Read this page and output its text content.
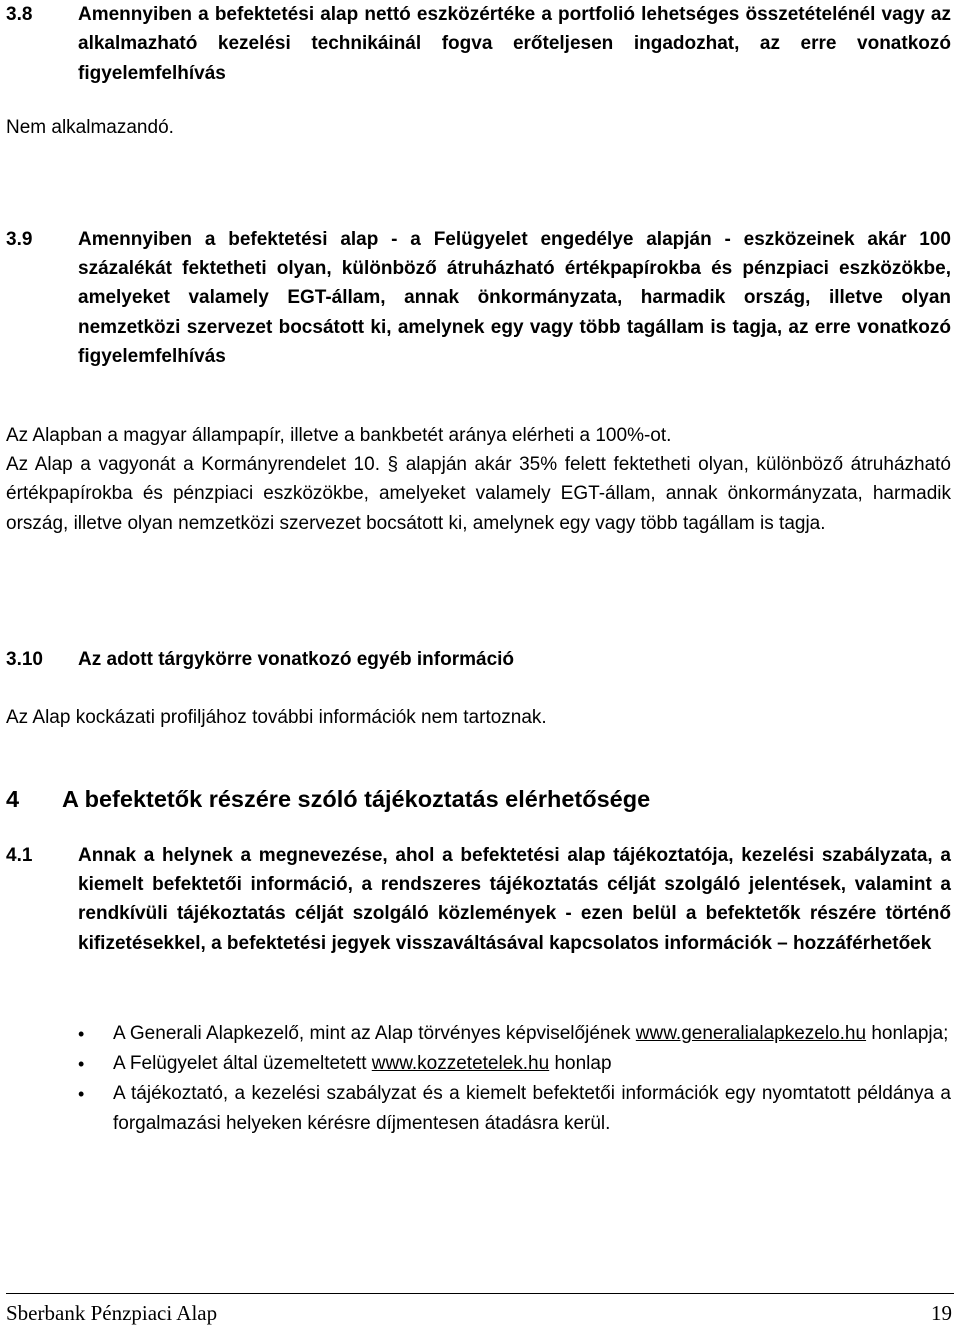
3.8 Amennyiben a befektetési alap nettó eszközértéke a portfolió lehetséges összetételénél vagy az alkalmazható kezelési technikáinál fogva erőteljesen ingadozhat, az erre vonatkozó figyelemfelhívás
Nem alkalmazandó.
3.9 Amennyiben a befektetési alap - a Felügyelet engedélye alapján - eszközeinek akár 100 százalékát fektetheti olyan, különböző átruházható értékpapírokba és pénzpiaci eszközökbe, amelyeket valamely EGT-állam, annak önkormányzata, harmadik ország, illetve olyan nemzetközi szervezet bocsátott ki, amelynek egy vagy több tagállam is tagja, az erre vonatkozó figyelemfelhívás

Az Alapban a magyar állampapír, illetve a bankbetét aránya elérheti a 100%-ot.

Az Alap a vagyonát a Kormányrendelet 10. § alapján akár 35% felett fektetheti olyan, különböző átruházható értékpapírokba és pénzpiaci eszközökbe, amelyeket valamely EGT-állam, annak önkormányzata, harmadik ország, illetve olyan nemzetközi szervezet bocsátott ki, amelynek egy vagy több tagállam is tagja.

3.10 Az adott tárgykörre vonatkozó egyéb információ
Az Alap kockázati profiljához további információk nem tartoznak.
4 A befektetők részére szóló tájékoztatás elérhetősége
4.1 Annak a helynek a megnevezése, ahol a befektetési alap tájékoztatója, kezelési szabályzata, a kiemelt befektetői információ, a rendszeres tájékoztatás célját szolgáló jelentések, valamint a rendkívüli tájékoztatás célját szolgáló közlemények - ezen belül a befektetők részére történő kifizetésekkel, a befektetési jegyek visszaváltásával kapcsolatos információk – hozzáférhetőek
• A Generali Alapkezelő, mint az Alap törvényes képviselőjének www.generalialapkezelo.hu honlapja;
• A Felügyelet által üzemeltetett www.kozzetetelek.hu honlap
• A tájékoztató, a kezelési szabályzat és a kiemelt befektetői információk egy nyomtatott példánya a forgalmazási helyeken kérésre díjmentesen átadásra kerül.
Sberbank Pénzpiaci Alap	19
